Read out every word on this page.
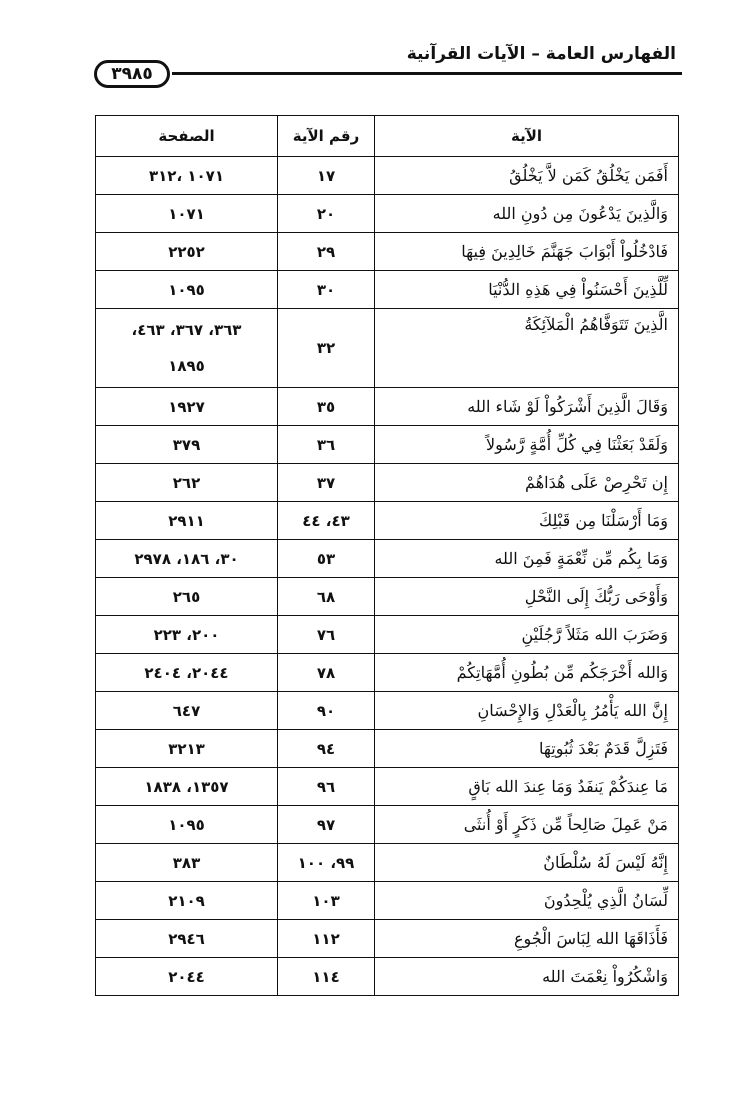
الفهارس العامة – الآيات القرآنية
٣٩٨٥
الآية	رقم الآية	الصفحة
أَفَمَن يَخْلُقُ كَمَن لاَّ يَخْلُقُ	١٧	١٠٧١ ،٣١٢
وَالَّذِينَ يَدْعُونَ مِن دُونِ الله	٢٠	١٠٧١
فَادْخُلُواْ أَبْوَابَ جَهَنَّمَ خَالِدِينَ فِيهَا	٢٩	٢٢٥٢
لِّلَّذِينَ أَحْسَنُواْ فِي هَذِهِ الدُّنْيَا	٣٠	١٠٩٥
الَّذِينَ تَتَوَفَّاهُمُ الْمَلآئِكَةُ	٣٢	٣٦٣، ٣٦٧، ٤٦٣،
١٨٩٥

وَقَالَ الَّذِينَ أَشْرَكُواْ لَوْ شَاء الله	٣٥	١٩٢٧
وَلَقَدْ بَعَثْنَا فِي كُلِّ أُمَّةٍ رَّسُولاً	٣٦	٣٧٩
إِن تَحْرِصْ عَلَى هُدَاهُمْ	٣٧	٢٦٢
وَمَا أَرْسَلْنَا مِن قَبْلِكَ	٤٣، ٤٤	٢٩١١
وَمَا بِكُم مِّن نِّعْمَةٍ فَمِنَ الله	٥٣	٣٠، ١٨٦، ٢٩٧٨
وَأَوْحَى رَبُّكَ إِلَى النَّحْلِ	٦٨	٢٦٥
وَضَرَبَ الله مَثَلاً رَّجُلَيْنِ	٧٦	٢٠٠، ٢٢٣
وَالله أَخْرَجَكُم مِّن بُطُونِ أُمَّهَاتِكُمْ	٧٨	٢٠٤٤، ٢٤٠٤
إِنَّ الله يَأْمُرُ بِالْعَدْلِ وَالإِحْسَانِ	٩٠	٦٤٧
فَتَزِلَّ قَدَمٌ بَعْدَ ثُبُوتِهَا	٩٤	٣٢١٣
مَا عِندَكُمْ يَنفَدُ وَمَا عِندَ الله بَاقٍ	٩٦	١٣٥٧، ١٨٣٨
مَنْ عَمِلَ صَالِحاً مِّن ذَكَرٍ أَوْ أُنثَى	٩٧	١٠٩٥
إِنَّهُ لَيْسَ لَهُ سُلْطَانٌ	٩٩، ١٠٠	٣٨٣
لِّسَانُ الَّذِي يُلْحِدُونَ	١٠٣	٢١٠٩
فَأَذَاقَهَا الله لِبَاسَ الْجُوعِ	١١٢	٢٩٤٦
وَاشْكُرُواْ نِعْمَتَ الله	١١٤	٢٠٤٤
